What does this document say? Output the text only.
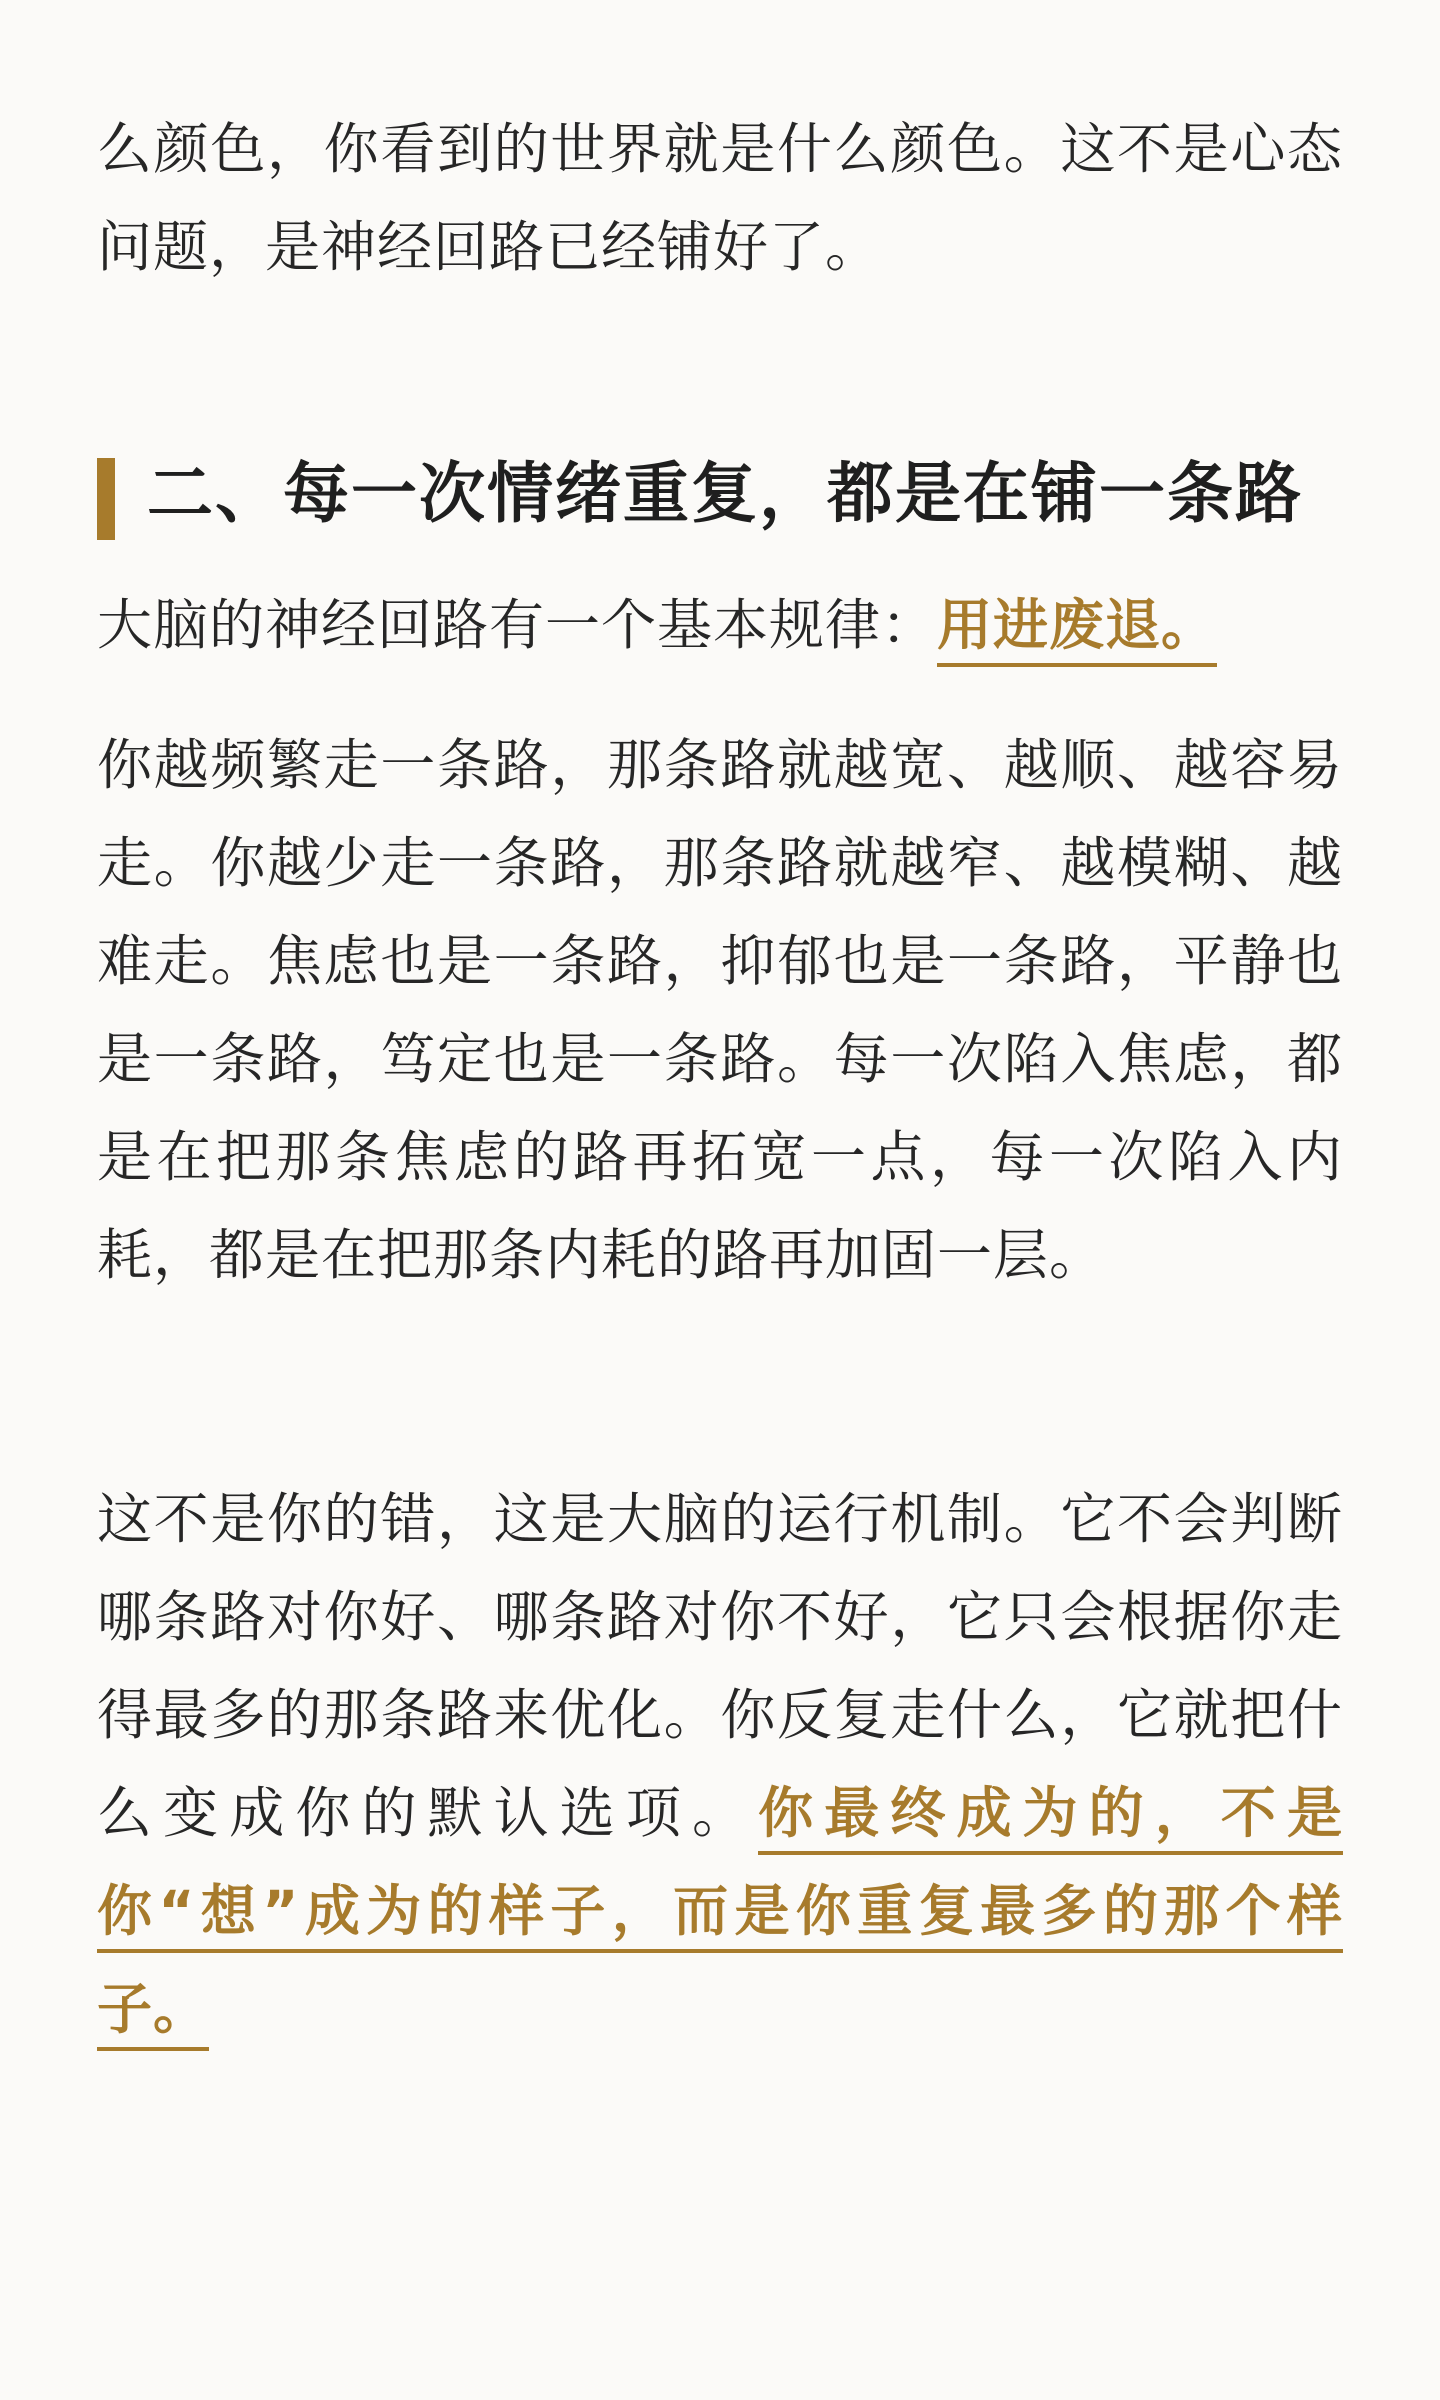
么颜色，你看到的世界就是什么颜色。这不是心态问题，是神经回路已经铺好了。

二、每一次情绪重复，都是在铺一条路

大脑的神经回路有一个基本规律：用进废退。

你越频繁走一条路，那条路就越宽、越顺、越容易走。你越少走一条路，那条路就越窄、越模糊、越难走。焦虑也是一条路，抑郁也是一条路，平静也是一条路，笃定也是一条路。每一次陷入焦虑，都是在把那条焦虑的路再拓宽一点，每一次陷入内耗，都是在把那条内耗的路再加固一层。

这不是你的错，这是大脑的运行机制。它不会判断哪条路对你好、哪条路对你不好，它只会根据你走得最多的那条路来优化。你反复走什么，它就把什么变成你的默认选项。你最终成为的，不是你“想”成为的样子，而是你重复最多的那个样子。
